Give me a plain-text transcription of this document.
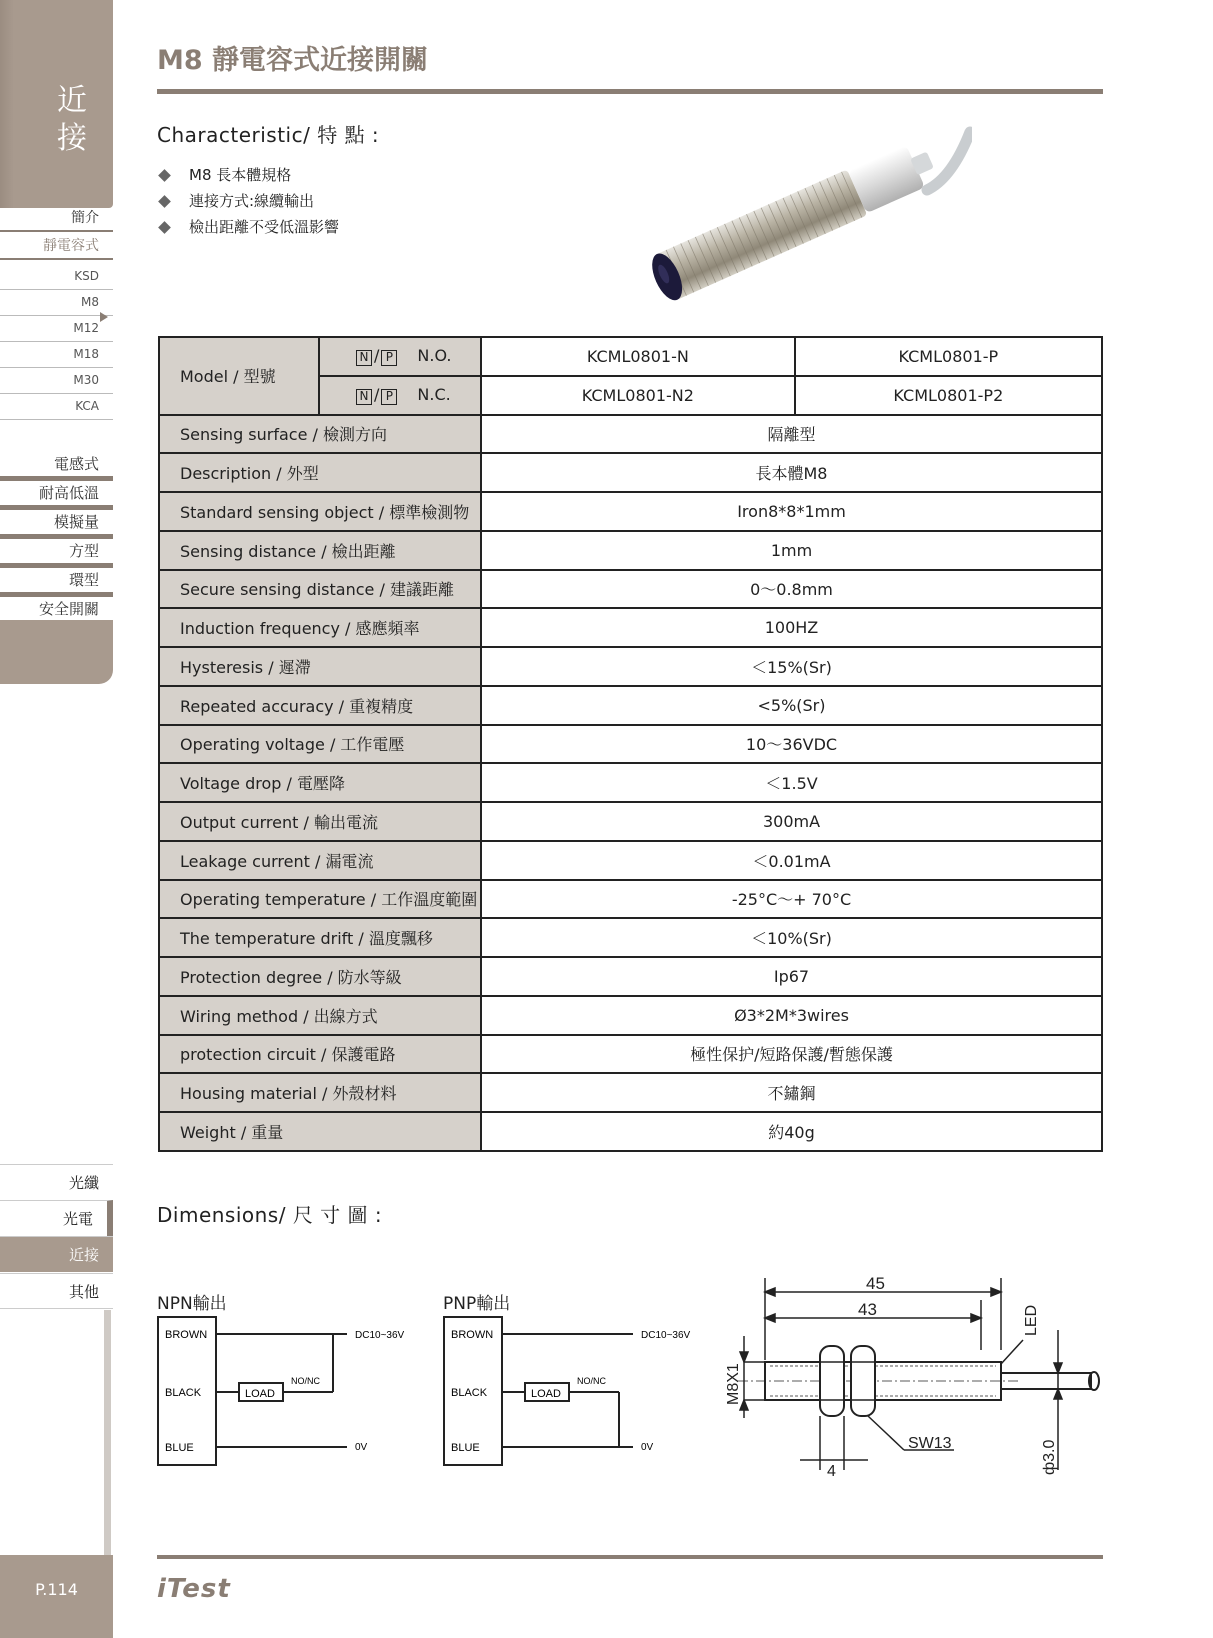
近
接
簡介
靜電容式
KSD
M8
M12
M18
M30
KCA
電感式
耐高低溫
模擬量
方型
環型
安全開關
光纖
光電
近接
其他
P.114
M8 靜電容式近接開關
Characteristic/ 特 點 :
M8 長本體規格
連接方式:線纜輸出
檢出距離不受低溫影響
Model / 型號	N / P N.O.	KCML0801-N	KCML0801-P
	N / P N.C.	KCML0801-N2	KCML0801-P2
Sensing surface / 檢測方向		隔離型	
Description / 外型		長本體M8	
Standard sensing object / 標準檢測物		Iron8*8*1mm	
Sensing distance / 檢出距離		1mm	
Secure sensing distance / 建議距離		0～0.8mm	
Induction frequency / 感應頻率		100HZ	
Hysteresis / 遲滯		＜15%(Sr)	
Repeated accuracy / 重複精度		<5%(Sr)	
Operating voltage / 工作電壓		10～36VDC	
Voltage drop / 電壓降		＜1.5V	
Output current / 輸出電流		300mA	
Leakage current / 漏電流		＜0.01mA	
Operating temperature / 工作溫度範圍		-25°C～+ 70°C	
The temperature drift / 溫度飄移		＜10%(Sr)	
Protection degree / 防水等級		Ip67	
Wiring method / 出線方式		Ø3*2M*3wires	
protection circuit / 保護電路		極性保护/短路保護/暫態保護	
Housing material / 外殼材料		不鏽鋼	
Weight / 重量		約40g	
Dimensions/ 尺 寸 圖 :
NPN輸出
BROWN
BLACK
BLUE
LOAD
NO/NC
DC10~36V
0V
PNP輸出
BROWN
BLACK
BLUE
LOAD
NO/NC
DC10~36V
0V
45
43	LED
M8X1
SW13
4	ф3.0
iTest
